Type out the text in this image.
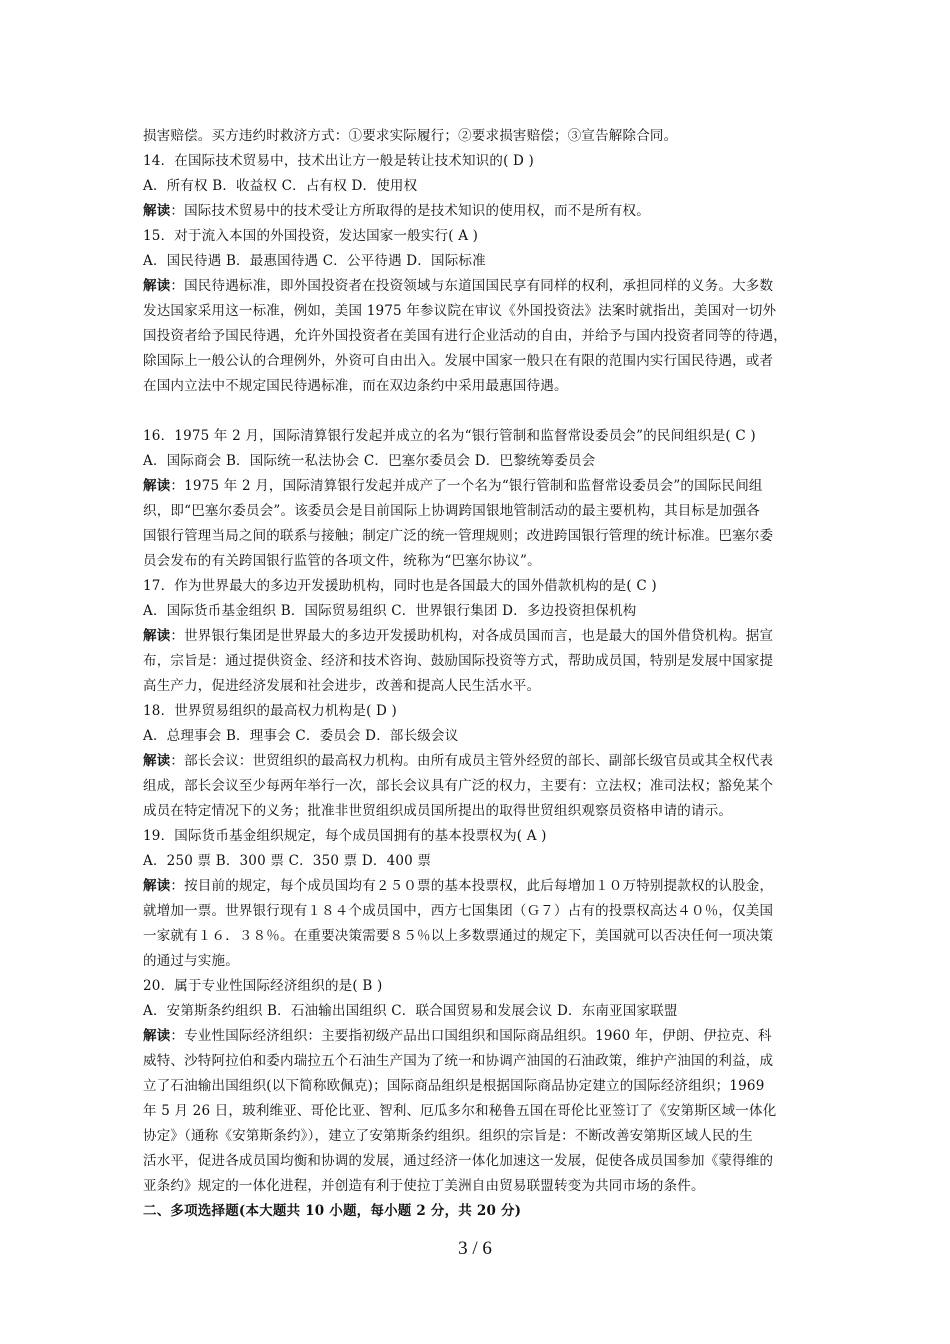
损害赔偿。买方违约时救济方式：①要求实际履行；②要求损害赔偿；③宣告解除合同。
14．在国际技术贸易中，技术出让方一般是转让技术知识的( D )
A．所有权 B．收益权 C．占有权 D．使用权
解读：国际技术贸易中的技术受让方所取得的是技术知识的使用权，而不是所有权。
15．对于流入本国的外国投资，发达国家一般实行( A )
A．国民待遇 B．最惠国待遇 C．公平待遇 D．国际标准
解读：国民待遇标准，即外国投资者在投资领域与东道国国民享有同样的权利，承担同样的义务。大多数
发达国家采用这一标准，例如，美国 1975 年参议院在审议《外国投资法》法案时就指出，美国对一切外
国投资者给予国民待遇，允许外国投资者在美国有进行企业活动的自由，并给予与国内投资者同等的待遇，
除国际上一般公认的合理例外，外资可自由出入。发展中国家一般只在有限的范围内实行国民待遇，或者
在国内立法中不规定国民待遇标准，而在双边条约中采用最惠国待遇。
16．1975 年 2 月，国际清算银行发起并成立的名为“银行管制和监督常设委员会”的民间组织是( C )
A．国际商会 B．国际统一私法协会 C．巴塞尔委员会 D．巴黎统筹委员会
解读：1975 年 2 月，国际清算银行发起并成产了一个名为“银行管制和监督常设委员会”的国际民间组
织，即“巴塞尔委员会”。该委员会是目前国际上协调跨国银地管制活动的最主要机构，其目标是加强各
国银行管理当局之间的联系与接触；制定广泛的统一管理规则；改进跨国银行管理的统计标准。巴塞尔委
员会发布的有关跨国银行监管的各项文件，统称为“巴塞尔协议”。
17．作为世界最大的多边开发援助机构，同时也是各国最大的国外借款机构的是( C )
A．国际货币基金组织 B．国际贸易组织 C．世界银行集团 D．多边投资担保机构
解读：世界银行集团是世界最大的多边开发援助机构，对各成员国而言，也是最大的国外借贷机构。据宣
布，宗旨是：通过提供资金、经济和技术咨询、鼓励国际投资等方式，帮助成员国，特别是发展中国家提
高生产力，促进经济发展和社会进步，改善和提高人民生活水平。
18．世界贸易组织的最高权力机构是( D )
A．总理事会 B．理事会 C．委员会 D．部长级会议
解读：部长会议：世贸组织的最高权力机构。由所有成员主管外经贸的部长、副部长级官员或其全权代表
组成，部长会议至少每两年举行一次，部长会议具有广泛的权力，主要有：立法权；准司法权；豁免某个
成员在特定情况下的义务；批准非世贸组织成员国所提出的取得世贸组织观察员资格申请的请示。
19．国际货币基金组织规定，每个成员国拥有的基本投票权为( A )
A．250 票 B．300 票 C．350 票 D．400 票
解读：按目前的规定，每个成员国均有２５０票的基本投票权，此后每增加１０万特别提款权的认股金，
就增加一票。世界银行现有１８４个成员国中，西方七国集团（Ｇ７）占有的投票权高达４０％，仅美国
一家就有１６．３８％。在重要决策需要８５％以上多数票通过的规定下，美国就可以否决任何一项决策
的通过与实施。
20．属于专业性国际经济组织的是( B )
A．安第斯条约组织 B．石油输出国组织 C．联合国贸易和发展会议 D．东南亚国家联盟
解读：专业性国际经济组织：主要指初级产品出口国组织和国际商品组织。1960 年，伊朗、伊拉克、科
威特、沙特阿拉伯和委内瑞拉五个石油生产国为了统一和协调产油国的石油政策，维护产油国的利益，成
立了石油输出国组织(以下简称欧佩克)；国际商品组织是根据国际商品协定建立的国际经济组织；1969
年 5 月 26 日，玻利维亚、哥伦比亚、智利、厄瓜多尔和秘鲁五国在哥伦比亚签订了《安第斯区域一体化
协定》（通称《安第斯条约》），建立了安第斯条约组织。组织的宗旨是：不断改善安第斯区域人民的生
活水平，促进各成员国均衡和协调的发展，通过经济一体化加速这一发展，促使各成员国参加《蒙得维的
亚条约》规定的一体化进程，并创造有利于使拉丁美洲自由贸易联盟转变为共同市场的条件。
二、多项选择题(本大题共 10 小题，每小题 2 分，共 20 分)
3 / 6
